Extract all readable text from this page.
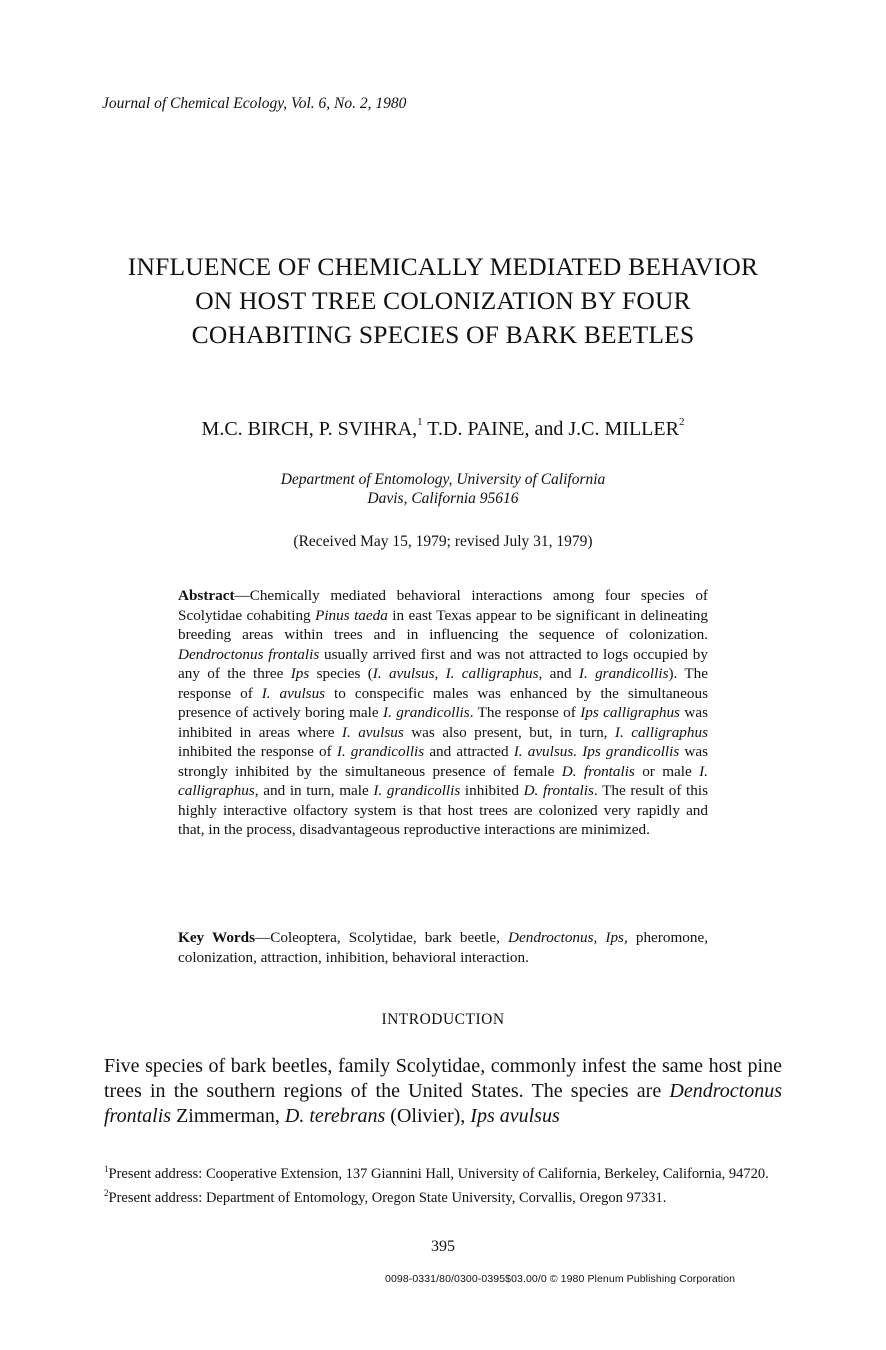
Journal of Chemical Ecology, Vol. 6, No. 2, 1980
INFLUENCE OF CHEMICALLY MEDIATED BEHAVIOR
ON HOST TREE COLONIZATION BY FOUR
COHABITING SPECIES OF BARK BEETLES
M.C. BIRCH, P. SVIHRA,$^1$ T.D. PAINE, and J.C. MILLER$^2$
Department of Entomology, University of California
Davis, California 95616
(Received May 15, 1979; revised July 31, 1979)
Abstract—Chemically mediated behavioral interactions among four species of Scolytidae cohabiting Pinus taeda in east Texas appear to be significant in delineating breeding areas within trees and in influencing the sequence of colonization. Dendroctonus frontalis usually arrived first and was not attracted to logs occupied by any of the three Ips species (I. avulsus, I. calligraphus, and I. grandicollis). The response of I. avulsus to conspecific males was enhanced by the simultaneous presence of actively boring male I. grandicollis. The response of Ips calligraphus was inhibited in areas where I. avulsus was also present, but, in turn, I. calligraphus inhibited the response of I. grandicollis and attracted I. avulsus. Ips grandicollis was strongly inhibited by the simultaneous presence of female D. frontalis or male I. calligraphus, and in turn, male I. grandicollis inhibited D. frontalis. The result of this highly interactive olfactory system is that host trees are colonized very rapidly and that, in the process, disadvantageous reproductive interactions are minimized.
Key Words—Coleoptera, Scolytidae, bark beetle, Dendroctonus, Ips, pheromone, colonization, attraction, inhibition, behavioral interaction.
INTRODUCTION
Five species of bark beetles, family Scolytidae, commonly infest the same host pine trees in the southern regions of the United States. The species are Dendroctonus frontalis Zimmerman, D. terebrans (Olivier), Ips avulsus
$^1$Present address: Cooperative Extension, 137 Giannini Hall, University of California, Berkeley, California, 94720.
$^2$Present address: Department of Entomology, Oregon State University, Corvallis, Oregon 97331.
395
0098-0331/80/0300-0395$03.00/0 © 1980 Plenum Publishing Corporation
